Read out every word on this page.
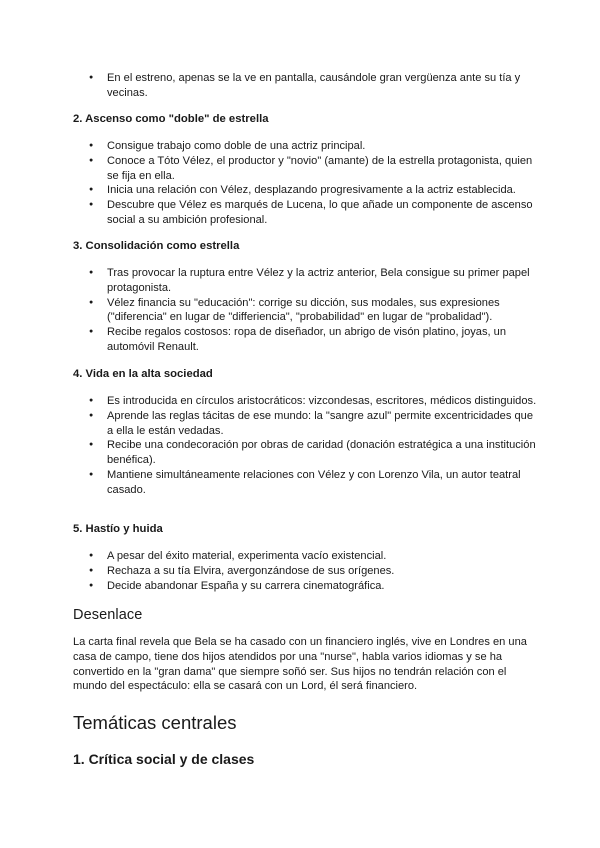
● En el estreno, apenas se la ve en pantalla, causándole gran vergüenza ante su tía y vecinas.
2. Ascenso como "doble" de estrella
● Consigue trabajo como doble de una actriz principal.
● Conoce a Tóto Vélez, el productor y "novio" (amante) de la estrella protagonista, quien se fija en ella.
● Inicia una relación con Vélez, desplazando progresivamente a la actriz establecida.
● Descubre que Vélez es marqués de Lucena, lo que añade un componente de ascenso social a su ambición profesional.
3. Consolidación como estrella
● Tras provocar la ruptura entre Vélez y la actriz anterior, Bela consigue su primer papel protagonista.
● Vélez financia su "educación": corrige su dicción, sus modales, sus expresiones ("diferencia" en lugar de "differiencia", "probabilidad" en lugar de "probalidad").
● Recibe regalos costosos: ropa de diseñador, un abrigo de visón platino, joyas, un automóvil Renault.
4. Vida en la alta sociedad
● Es introducida en círculos aristocráticos: vizcondesas, escritores, médicos distinguidos.
● Aprende las reglas tácitas de ese mundo: la "sangre azul" permite excentricidades que a ella le están vedadas.
● Recibe una condecoración por obras de caridad (donación estratégica a una institución benéfica).
● Mantiene simultáneamente relaciones con Vélez y con Lorenzo Vila, un autor teatral casado.
5. Hastío y huida
● A pesar del éxito material, experimenta vacío existencial.
● Rechaza a su tía Elvira, avergonzándose de sus orígenes.
● Decide abandonar España y su carrera cinematográfica.
Desenlace

La carta final revela que Bela se ha casado con un financiero inglés, vive en Londres en una casa de campo, tiene dos hijos atendidos por una "nurse", habla varios idiomas y se ha convertido en la "gran dama" que siempre soñó ser. Sus hijos no tendrán relación con el mundo del espectáculo: ella se casará con un Lord, él será financiero.

Temáticas centrales
1. Crítica social y de clases
